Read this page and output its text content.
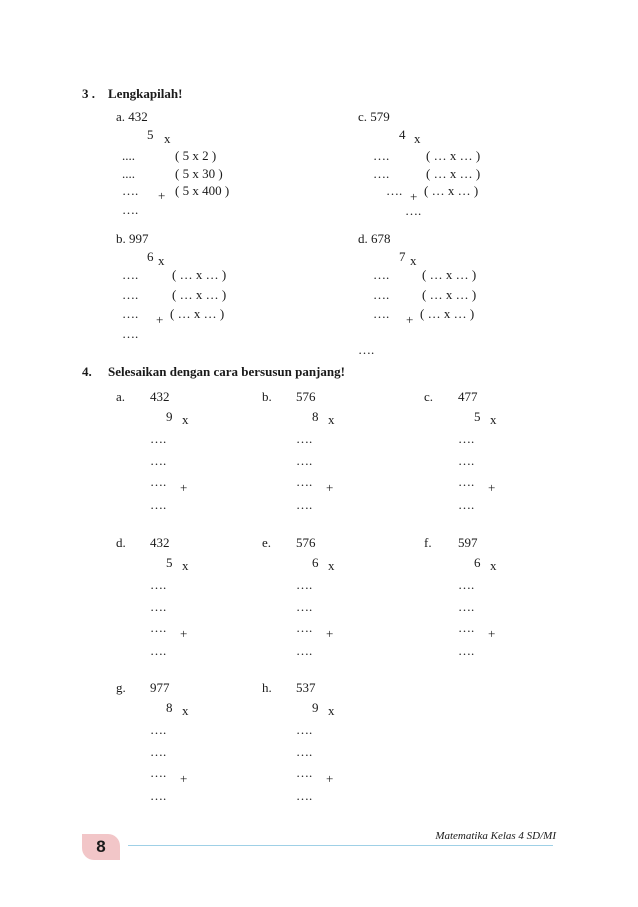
3 . Lengkapilah!
a. 432
5 x
....	( 5 x 2 )
....	( 5 x 30 )
…. + ( 5 x 400 )
….
c. 579
4 x
….	( … x … )
….	( … x … )
…. + ( … x … )
….
b. 997
6 x
….	( … x … )
….	( … x … )
…. + ( … x … )
….
d. 678
7 x
….	( … x … )
….	( … x … )
…. + ( … x … )
….
4. Selesaikan dengan cara bersusun panjang!
a. 432
9 x
….
….
…. +
….
b. 576
8 x
….
….
…. +
….
c. 477
5 x
….
….
…. +
….
d. 432
5 x
….
….
…. +
….
e. 576
6 x
….
….
…. +
….
f. 597
6 x
….
….
…. +
….
g. 977
8 x
….
….
…. +
….
h. 537
9 x
….
….
…. +
….
8
Matematika Kelas 4 SD/MI
